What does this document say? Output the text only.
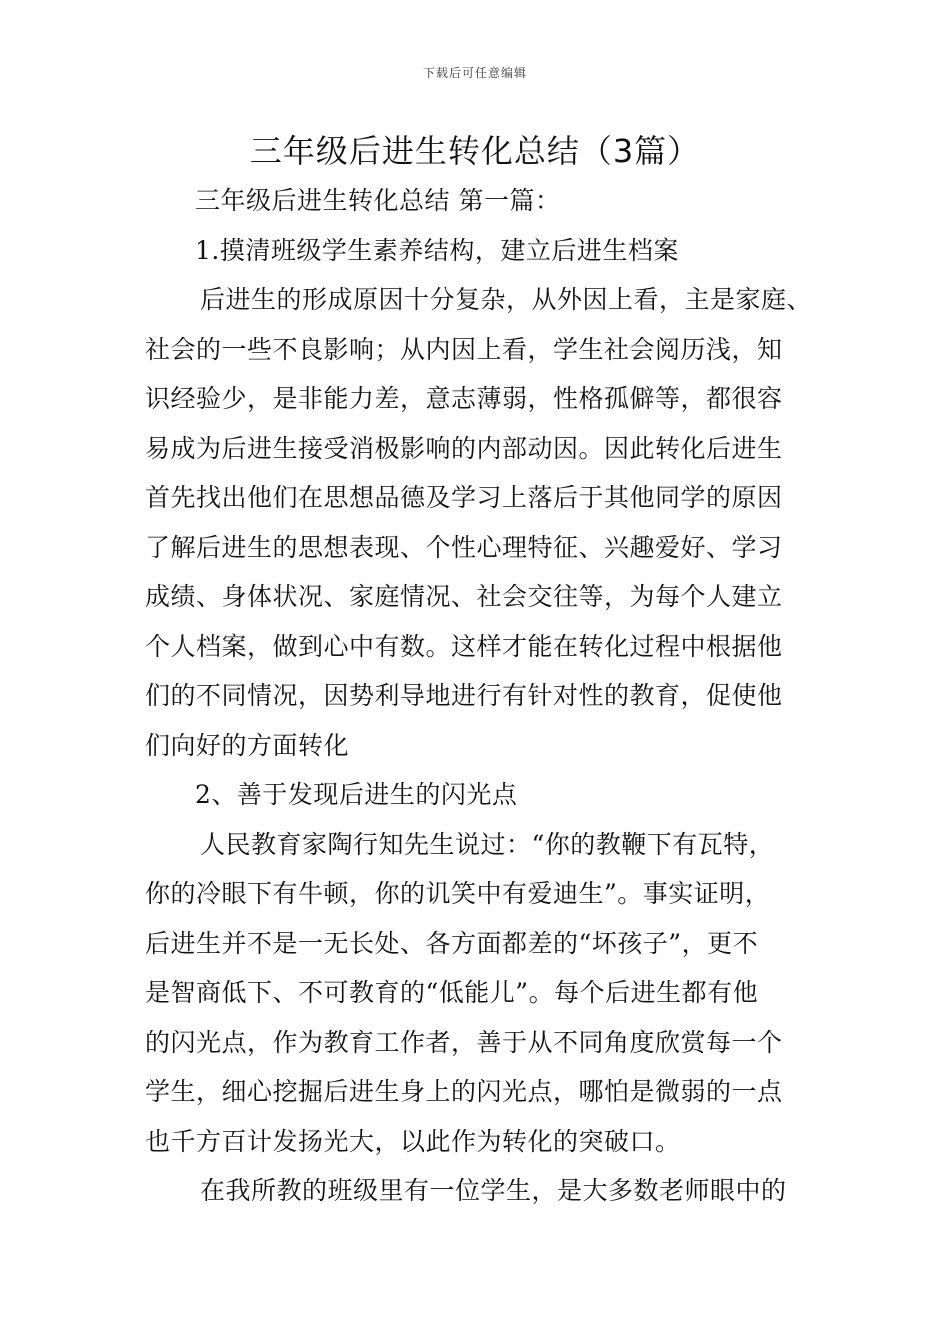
下载后可任意编辑
三年级后进生转化总结（3篇）
三年级后进生转化总结 第一篇：
1.摸清班级学生素养结构，建立后进生档案
后进生的形成原因十分复杂，从外因上看，主是家庭、
社会的一些不良影响；从内因上看，学生社会阅历浅，知
识经验少，是非能力差，意志薄弱，性格孤僻等，都很容
易成为后进生接受消极影响的内部动因。因此转化后进生
首先找出他们在思想品德及学习上落后于其他同学的原因
了解后进生的思想表现、个性心理特征、兴趣爱好、学习
成绩、身体状况、家庭情况、社会交往等，为每个人建立
个人档案，做到心中有数。这样才能在转化过程中根据他
们的不同情况，因势利导地进行有针对性的教育，促使他
们向好的方面转化
2、善于发现后进生的闪光点
人民教育家陶行知先生说过：“你的教鞭下有瓦特，
你的冷眼下有牛顿，你的讥笑中有爱迪生”。事实证明，
后进生并不是一无长处、各方面都差的“坏孩子”，更不
是智商低下、不可教育的“低能儿”。每个后进生都有他
的闪光点，作为教育工作者，善于从不同角度欣赏每一个
学生，细心挖掘后进生身上的闪光点，哪怕是微弱的一点
也千方百计发扬光大，以此作为转化的突破口。
在我所教的班级里有一位学生，是大多数老师眼中的
